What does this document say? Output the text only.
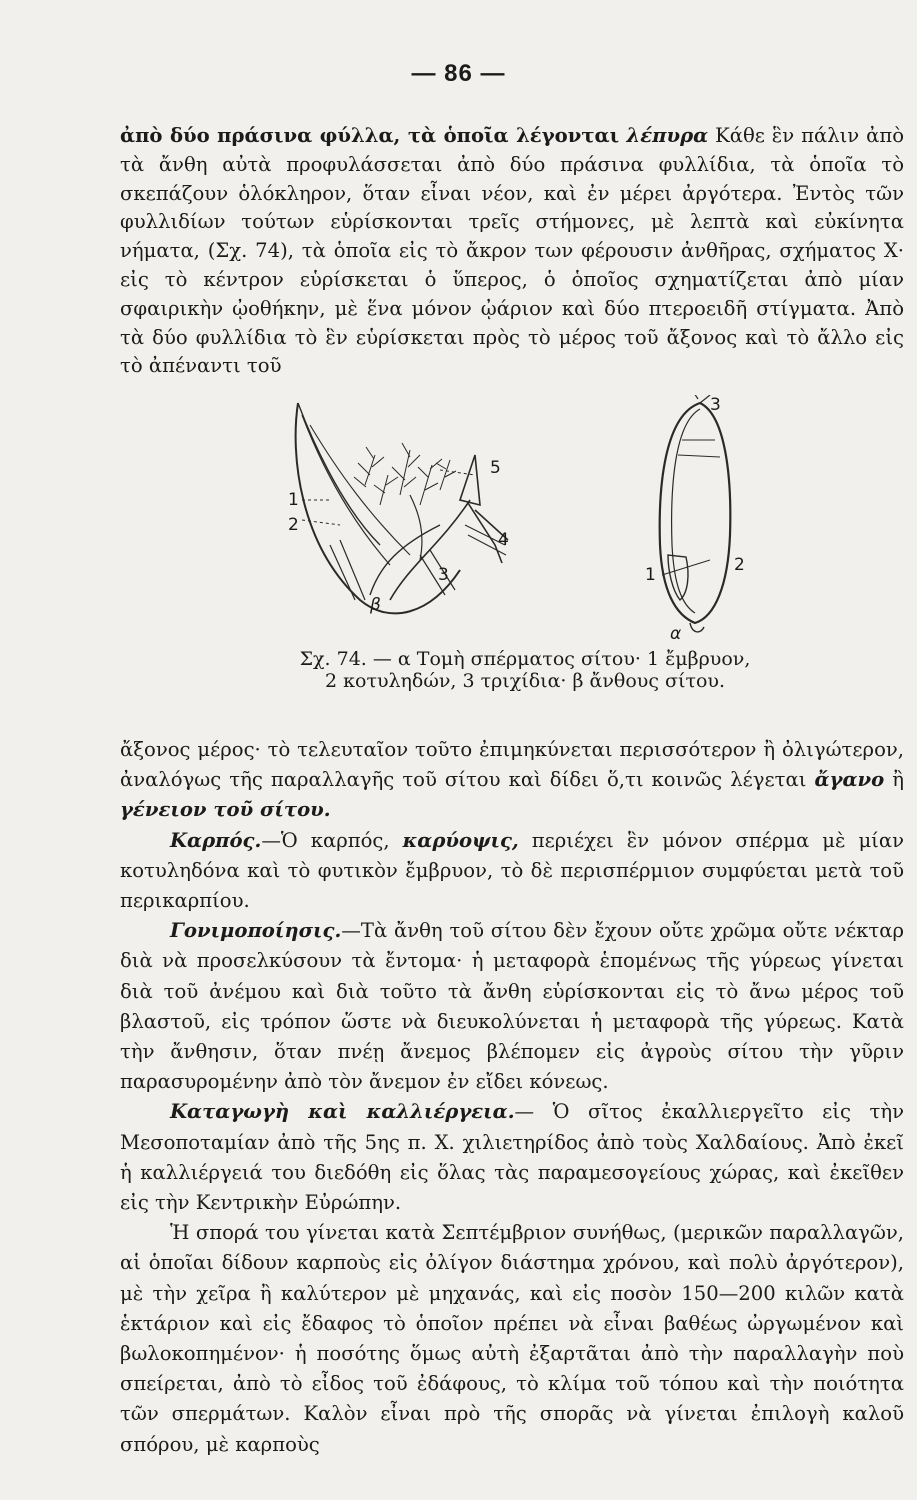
— 86 —

ἀπὸ δύο πράσινα φύλλα, τὰ ὁποῖα λέγονται λέπυρα Κάθε ἓν πάλιν ἀπὸ τὰ ἄνθη αὐτὰ προφυλάσσεται ἀπὸ δύο πράσινα φυλλίδια, τὰ ὁποῖα τὸ σκεπάζουν ὁλόκληρον, ὅταν εἶναι νέον, καὶ ἐν μέρει ἀργότερα. Ἐντὸς τῶν φυλλιδίων τούτων εὑρίσκονται τρεῖς στήμονες, μὲ λεπτὰ καὶ εὐκίνητα νήματα, (Σχ. 74), τὰ ὁποῖα εἰς τὸ ἄκρον των φέρουσιν ἀνθῆρας, σχήματος Χ· εἰς τὸ κέντρον εὑρίσκεται ὁ ὕπερος, ὁ ὁποῖος σχηματίζεται ἀπὸ μίαν σφαιρικὴν ᾠοθήκην, μὲ ἕνα μόνον ᾠάριον καὶ δύο πτεροειδῆ στίγματα. Ἀπὸ τὰ δύο φυλλίδια τὸ ἓν εὑρίσκεται πρὸς τὸ μέρος τοῦ ἄξονος καὶ τὸ ἄλλο εἰς τὸ ἀπέναντι τοῦ

1
2
3
4
5
β
3
1	2
α
Σχ. 74. — α Τομὴ σπέρματος σίτου· 1 ἔμβρυον,
2 κοτυληδών, 3 τριχίδια· β ἄνθους σίτου.

ἄξονος μέρος· τὸ τελευταῖον τοῦτο ἐπιμηκύνεται περισσότερον ἢ ὀλιγώτερον, ἀναλόγως τῆς παραλλαγῆς τοῦ σίτου καὶ δίδει ὅ,τι κοινῶς λέγεται ἄγανο ἢ γένειον τοῦ σίτου.

Καρπός.—Ὁ καρπός, καρύοψις, περιέχει ἓν μόνον σπέρμα μὲ μίαν κοτυληδόνα καὶ τὸ φυτικὸν ἔμβρυον, τὸ δὲ περισπέρμιον συμφύεται μετὰ τοῦ περικαρπίου.

Γονιμοποίησις.—Τὰ ἄνθη τοῦ σίτου δὲν ἔχουν οὔτε χρῶμα οὔτε νέκταρ διὰ νὰ προσελκύσουν τὰ ἔντομα· ἡ μεταφορὰ ἑπομένως τῆς γύρεως γίνεται διὰ τοῦ ἀνέμου καὶ διὰ τοῦτο τὰ ἄνθη εὑρίσκονται εἰς τὸ ἄνω μέρος τοῦ βλαστοῦ, εἰς τρόπον ὥστε νὰ διευκολύνεται ἡ μεταφορὰ τῆς γύρεως. Κατὰ τὴν ἄνθησιν, ὅταν πνέῃ ἄνεμος βλέπομεν εἰς ἀγροὺς σίτου τὴν γῦριν παρασυρομένην ἀπὸ τὸν ἄνεμον ἐν εἴδει κόνεως.

Καταγωγὴ καὶ καλλιέργεια.— Ὁ σῖτος ἐκαλλιεργεῖτο εἰς τὴν Μεσοποταμίαν ἀπὸ τῆς 5ης π. Χ. χιλιετηρίδος ἀπὸ τοὺς Χαλδαίους. Ἀπὸ ἐκεῖ ἡ καλλιέργειά του διεδόθη εἰς ὅλας τὰς παραμεσογείους χώρας, καὶ ἐκεῖθεν εἰς τὴν Κεντρικὴν Εὐρώπην.

Ἡ σπορά του γίνεται κατὰ Σεπτέμβριον συνήθως, (μερικῶν παραλλαγῶν, αἱ ὁποῖαι δίδουν καρποὺς εἰς ὀλίγον διάστημα χρόνου, καὶ πολὺ ἀργότερον), μὲ τὴν χεῖρα ἢ καλύτερον μὲ μηχανάς, καὶ εἰς ποσὸν 150—200 κιλῶν κατὰ ἑκτάριον καὶ εἰς ἔδαφος τὸ ὁποῖον πρέπει νὰ εἶναι βαθέως ὠργωμένον καὶ βωλοκοπημένον· ἡ ποσότης ὅμως αὐτὴ ἐξαρτᾶται ἀπὸ τὴν παραλλαγὴν ποὺ σπείρεται, ἀπὸ τὸ εἶδος τοῦ ἐδάφους, τὸ κλίμα τοῦ τόπου καὶ τὴν ποιότητα τῶν σπερμάτων. Καλὸν εἶναι πρὸ τῆς σπορᾶς νὰ γίνεται ἐπιλογὴ καλοῦ σπόρου, μὲ καρποὺς
